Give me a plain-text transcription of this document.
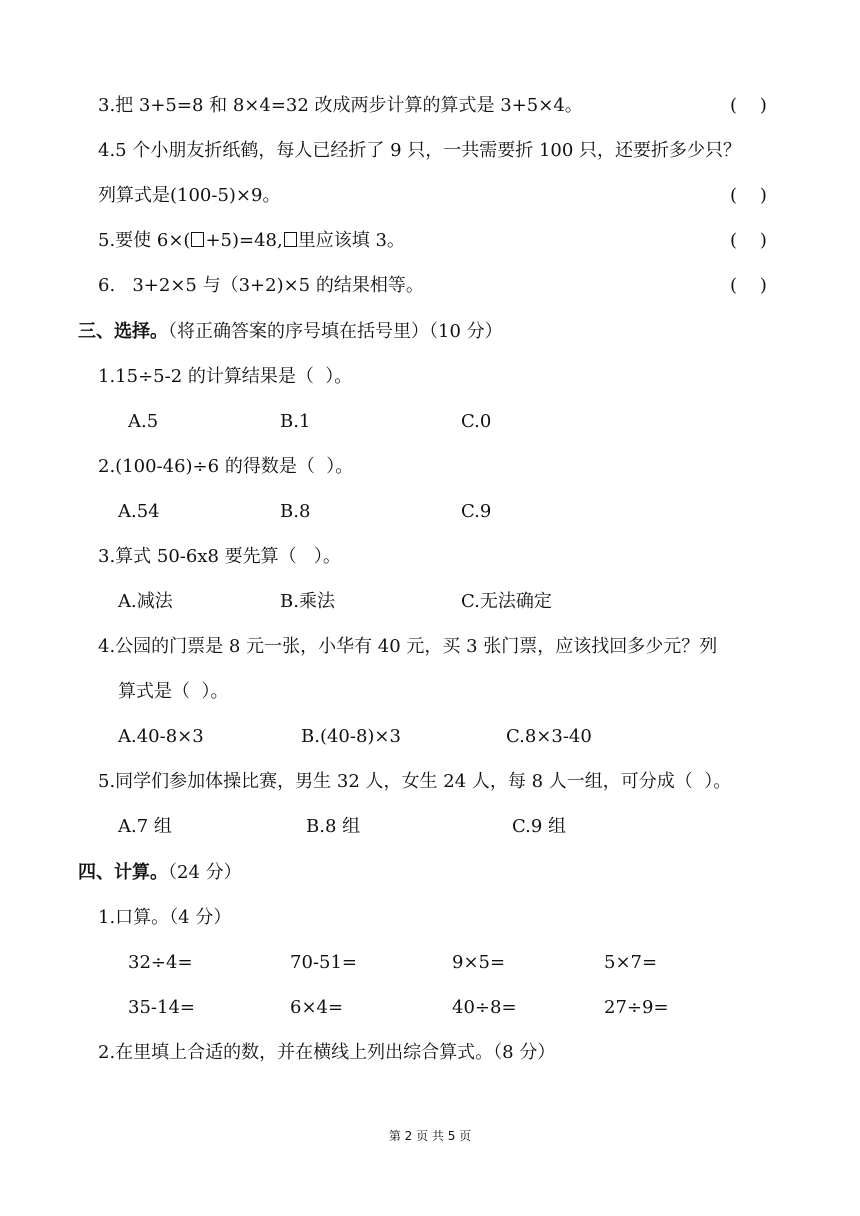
3.把 3+5=8 和 8×4=32 改成两步计算的算式是 3+5×4。	(    )
4.5 个小朋友折纸鹤，每人已经折了 9 只，一共需要折 100 只，还要折多少只？
列算式是(100-5)×9。	(    )
5.要使 6×( +5)=48, 里应该填 3。	(    )
6.   3+2×5 与（3+2)×5 的结果相等。	(    )
三、选择。（将正确答案的序号填在括号里）（10 分）
1.15÷5-2 的计算结果是（  ）。
A.5	B.1	C.0
2.(100-46)÷6 的得数是（  ）。
A.54	B.8	C.9
3.算式 50-6x8 要先算（   ）。
A.减法	B.乘法	C.无法确定
4.公园的门票是 8 元一张，小华有 40 元，买 3 张门票，应该找回多少元？列
算式是（  ）。
A.40-8×3	B.(40-8)×3	C.8×3-40
5.同学们参加体操比赛，男生 32 人，女生 24 人，每 8 人一组，可分成（  ）。
A.7 组	B.8 组	C.9 组
四、计算。（24 分）
1.口算。（4 分）
32÷4=	70-51=	9×5=	5×7=
35-14=	6×4=	40÷8=	27÷9=
2.在里填上合适的数，并在横线上列出综合算式。（8 分）
第 2 页 共 5 页
